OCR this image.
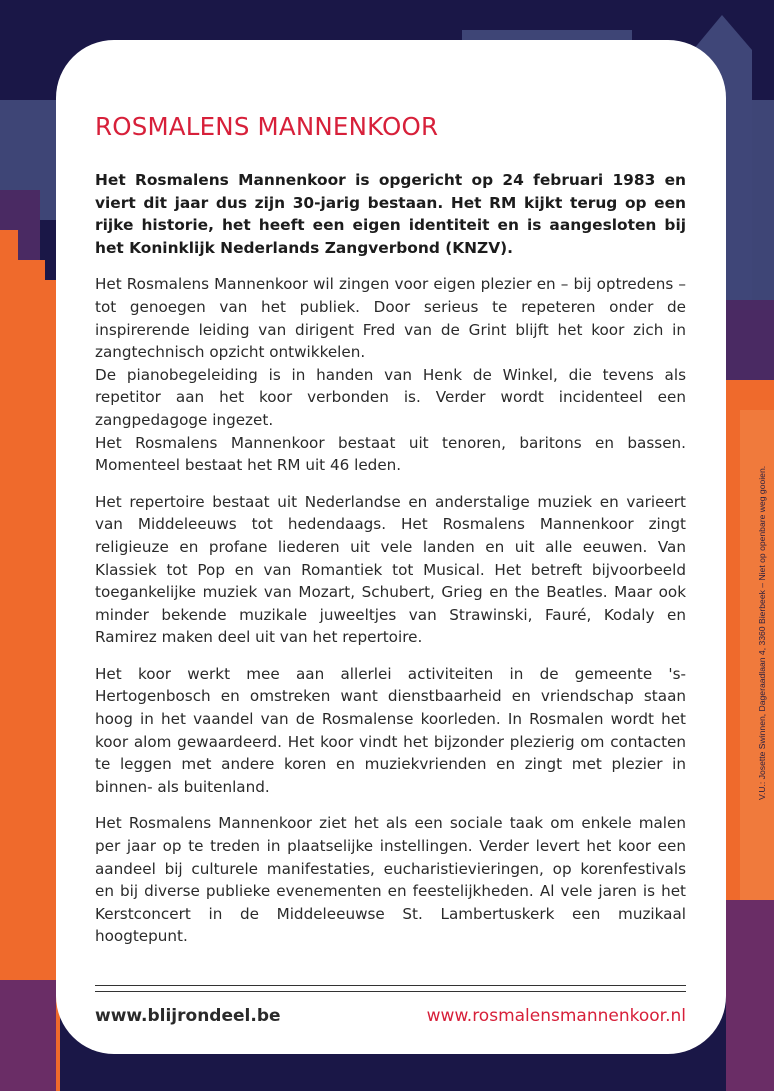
ROSMALENS MANNENKOOR

Het Rosmalens Mannenkoor is opgericht op 24 februari 1983 en viert dit jaar dus zijn 30-jarig bestaan. Het RM kijkt terug op een rijke historie, het heeft een eigen identiteit en is aangesloten bij het Koninklijk Nederlands Zangverbond (KNZV).

Het Rosmalens Mannenkoor wil zingen voor eigen plezier en – bij optredens – tot genoegen van het publiek. Door serieus te repeteren onder de inspirerende leiding van dirigent Fred van de Grint blijft het koor zich in zangtechnisch opzicht ontwikkelen.

De pianobegeleiding is in handen van Henk de Winkel, die tevens als repetitor aan het koor verbonden is. Verder wordt incidenteel een zangpedagoge ingezet.

Het Rosmalens Mannenkoor bestaat uit tenoren, baritons en bassen. Momenteel bestaat het RM uit 46 leden.

Het repertoire bestaat uit Nederlandse en anderstalige muziek en varieert van Middeleeuws tot hedendaags. Het Rosmalens Mannenkoor zingt religieuze en profane liederen uit vele landen en uit alle eeuwen. Van Klassiek tot Pop en van Romantiek tot Musical. Het betreft bijvoorbeeld toegankelijke muziek van Mozart, Schubert, Grieg en the Beatles. Maar ook minder bekende muzikale juweeltjes van Strawinski, Fauré, Kodaly en Ramirez maken deel uit van het repertoire.

Het koor werkt mee aan allerlei activiteiten in de gemeente 's-Hertogenbosch en omstreken want dienstbaarheid en vriendschap staan hoog in het vaandel van de Rosmalense koorleden. In Rosmalen wordt het koor alom gewaardeerd. Het koor vindt het bijzonder plezierig om contacten te leggen met andere koren en muziekvrienden en zingt met plezier in binnen- als buitenland.

Het Rosmalens Mannenkoor ziet het als een sociale taak om enkele malen per jaar op te treden in plaatselijke instellingen. Verder levert het koor een aandeel bij culturele manifestaties, eucharistievieringen, op korenfestivals en bij diverse publieke evenementen en feestelijkheden. Al vele jaren is het Kerstconcert in de Middeleeuwse St. Lambertuskerk een muzikaal hoogtepunt.

www.blijrondeel.be	www.rosmalensmannenkoor.nl
V.U.: Josette Swinnen, Dageraadlaan 4, 3360 Bierbeek – Niet op openbare weg gooien.
